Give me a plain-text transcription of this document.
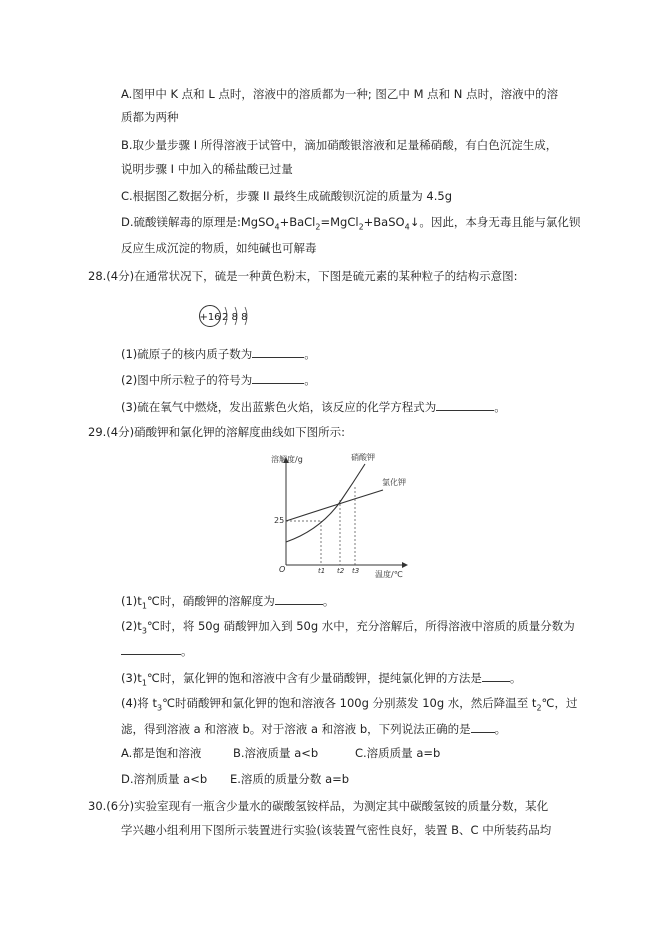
A.图甲中 K 点和 L 点时，溶液中的溶质都为一种; 图乙中 M 点和 N 点时，溶液中的溶
质都为两种
B.取少量步骤 I 所得溶液于试管中，滴加硝酸银溶液和足量稀硝酸，有白色沉淀生成，
说明步骤 I 中加入的稀盐酸已过量
C.根据图乙数据分析，步骤 II 最终生成硫酸钡沉淀的质量为 4.5g
D.硫酸镁解毒的原理是:MgSO$_4$+BaCl$_2$=MgCl$_2$+BaSO$_4$↓。因此，本身无毒且能与氯化钡
反应生成沉淀的物质，如纯碱也可解毒
28.(4分)在通常状况下，硫是一种黄色粉末，下图是硫元素的某种粒子的结构示意图:
+16 2 8 8
(1)硫原子的核内质子数为	。
(2)图中所示粒子的符号为	。
(3)硫在氧气中燃烧，发出蓝紫色火焰，该反应的化学方程式为	。
29.(4分)硝酸钾和氯化钾的溶解度曲线如下图所示:
溶解度/g
温度/℃
O
25
t1 t2 t3
硝酸钾
氯化钾
$(1)t_1℃$时，硝酸钾的溶解度为	。
$(2)t_3℃$时，将 50g 硝酸钾加入到 50g 水中，充分溶解后，所得溶液中溶质的质量分数为
。
$(3)t_1℃$时，氯化钾的饱和溶液中含有少量硝酸钾，提纯氯化钾的方法是 。
(4)将 $t_3℃$时硝酸钾和氯化钾的饱和溶液各 100g 分别蒸发 10g 水，然后降温至 $t_2℃$，过
滤，得到溶液 a 和溶液 b。对于溶液 a 和溶液 b，下列说法正确的是 。
A.都是饱和溶液	B.溶液质量 a<b	C.溶质质量 a=b
D.溶剂质量 a<b E.溶质的质量分数 a=b
30.(6分)实验室现有一瓶含少量水的碳酸氢铵样品，为测定其中碳酸氢铵的质量分数，某化
学兴趣小组利用下图所示装置进行实验(该装置气密性良好，装置 B、C 中所装药品均
